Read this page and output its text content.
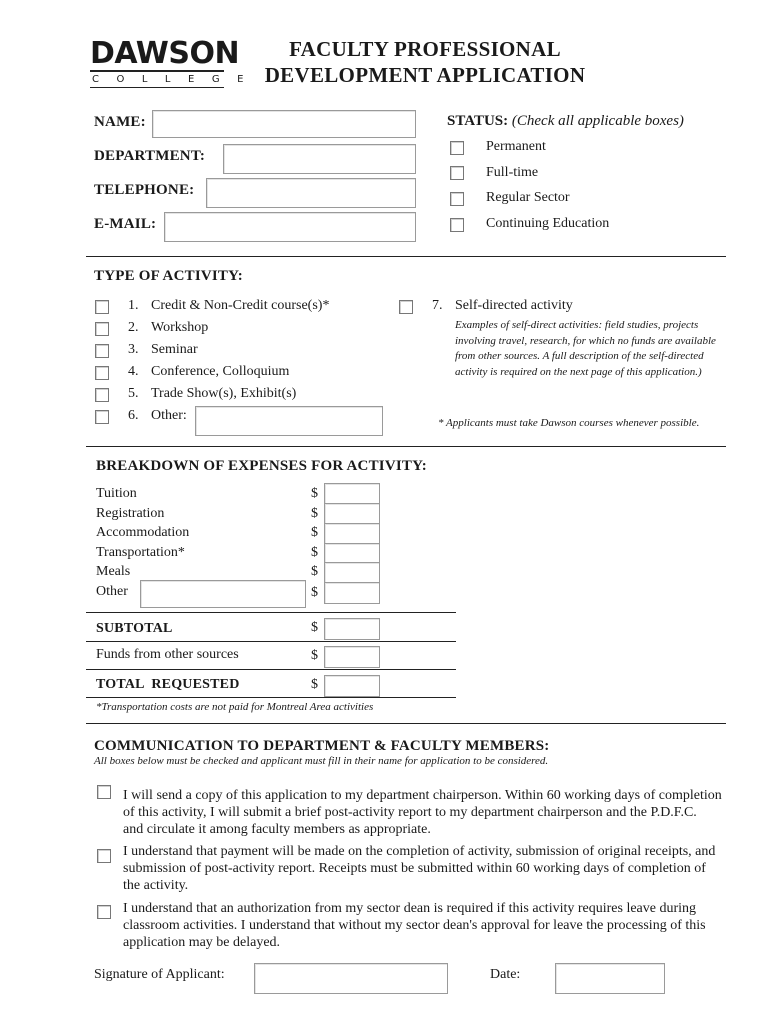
DAWSON
COLLEGE
FACULTY PROFESSIONAL
DEVELOPMENT APPLICATION
NAME:
DEPARTMENT:
TELEPHONE:
E-MAIL:
STATUS: (Check all applicable boxes)
Permanent
Full-time
Regular Sector
Continuing Education
TYPE OF ACTIVITY:
1. Credit & Non-Credit course(s)*
2. Workshop
3. Seminar
4. Conference, Colloquium
5. Trade Show(s), Exhibit(s)
6. Other:
7. Self-directed activity
Examples of self-direct activities: field studies, projects involving travel, research, for which no funds are available from other sources. A full description of the self-directed activity is required on the next page of this application.)
* Applicants must take Dawson courses whenever possible.
BREAKDOWN OF EXPENSES FOR ACTIVITY:
Tuition	$
Registration	$
Accommodation	$
Transportation*	$
Meals	$
Other	$
SUBTOTAL	$
Funds from other sources	$
TOTAL  REQUESTED	$
*Transportation costs are not paid for Montreal Area activities
COMMUNICATION TO DEPARTMENT & FACULTY MEMBERS:
All boxes below must be checked and applicant must fill in their name for application to be considered.
I will send a copy of this application to my department chairperson. Within 60 working days of completion
of this activity, I will submit a brief post-activity report to my department chairperson and the P.D.F.C.
and circulate it among faculty members as appropriate.
I understand that payment will be made on the completion of activity, submission of original receipts, and
submission of post-activity report. Receipts must be submitted within 60 working days of completion of
the activity.
I understand that an authorization from my sector dean is required if this activity requires leave during
classroom activities. I understand that without my sector dean's approval for leave the processing of this
application may be delayed.
Signature of Applicant:	Date:
